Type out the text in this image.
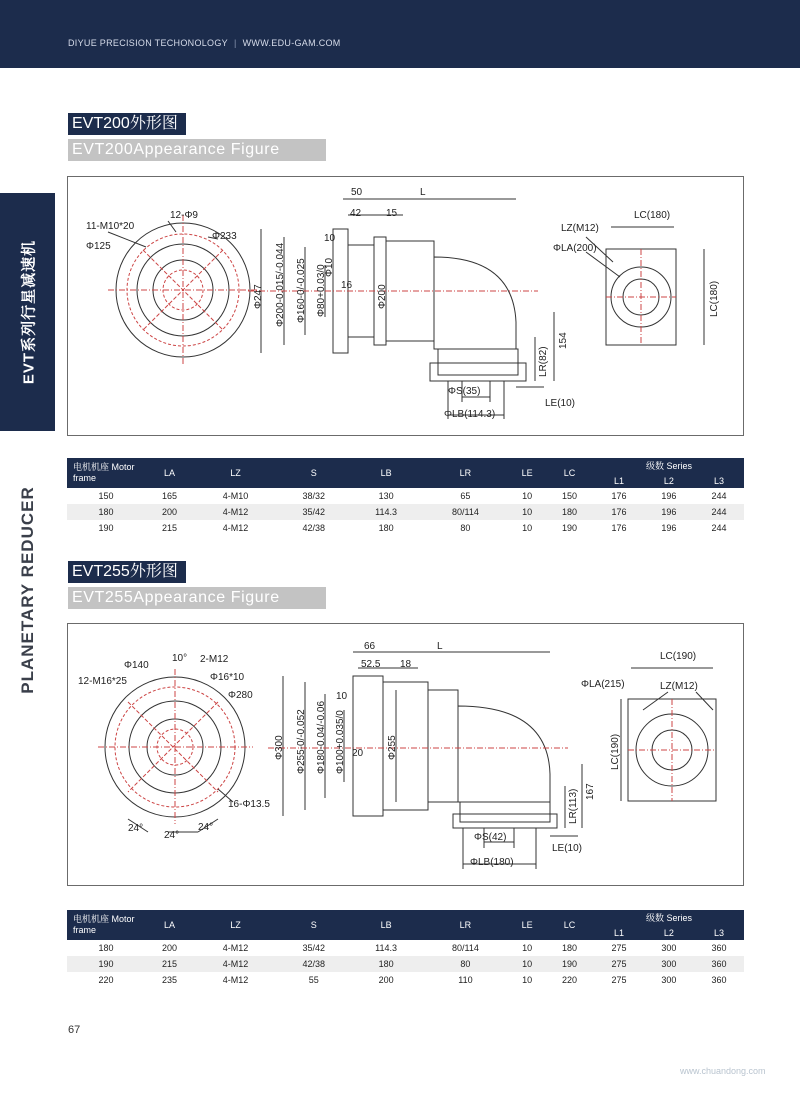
DIYUE PRECISION TECHONOLOGY | WWW.EDU-GAM.COM
EVT系列行星减速机
PLANETARY REDUCER
EVT200外形图
EVT200Appearance Figure
11-M10*20
12-Φ9
Φ233
Φ125
50	L
42 15
10
16
Φ10
Φ247 Φ200-0.015/-0.044 Φ160-0/-0.025 Φ80+0.03/0	Φ200
LR(82)
154
ΦS(35)
ΦLB(114.3)
LE(10)
LZ(M12)
ΦLA(200)
LC(180)
LC(180)
电机机座 Motor frame	LA	LZ	S	LB	LR	LE	LC	级数 Series		
								L1	L2	L3
150	165	4-M10	38/32	130	65	10	150	176	196	244
180	200	4-M12	35/42	114.3	80/114	10	180	176	196	244
190	215	4-M12	42/38	180	80	10	190	176	196	244
EVT255外形图
EVT255Appearance Figure
Φ140
10° 2-M12
12-M16*25	Φ16*10
Φ280
16-Φ13.5
24°
24°
24°
66	L
52.5 18
10
20
Φ300 Φ255-0/-0.052 Φ180-0.04/-0.06 Φ100+0.035/0	Φ255
LR(113) 167
ΦS(42)
ΦLB(180)
LE(10)
LC(190)
ΦLA(215)	LZ(M12)
LC(190)
电机机座 Motor frame	LA	LZ	S	LB	LR	LE	LC	级数 Series		
								L1	L2	L3
180	200	4-M12	35/42	114.3	80/114	10	180	275	300	360
190	215	4-M12	42/38	180	80	10	190	275	300	360
220	235	4-M12	55	200	110	10	220	275	300	360
67
www.chuandong.com
